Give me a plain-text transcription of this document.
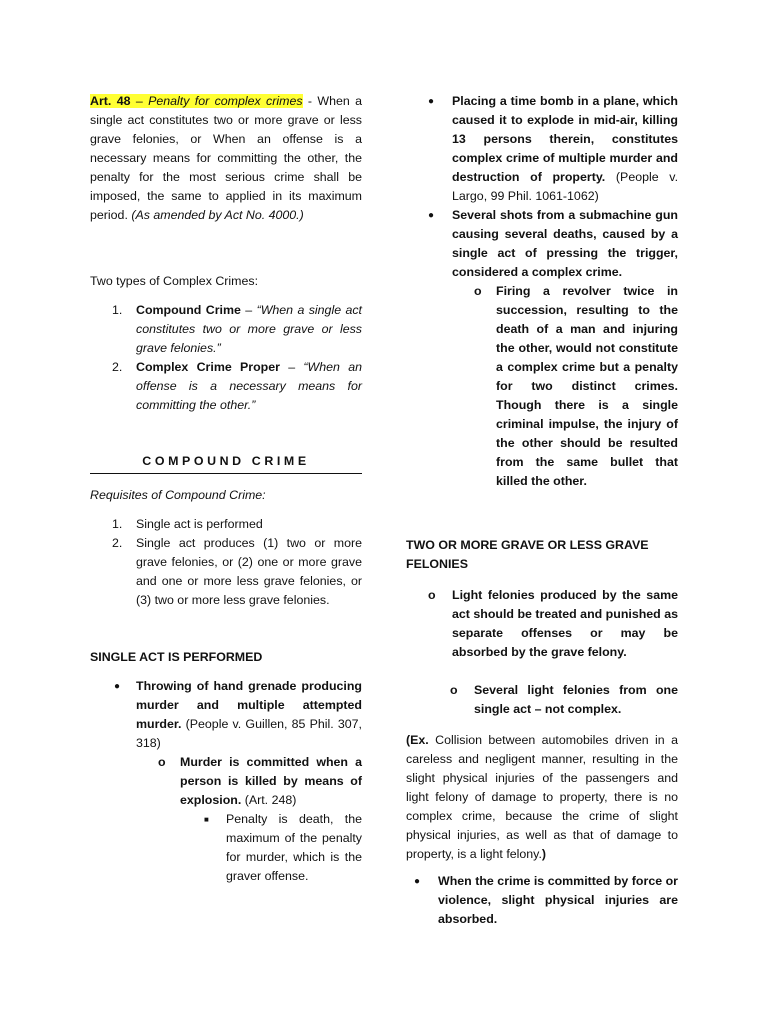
Art. 48 – Penalty for complex crimes - When a single act constitutes two or more grave or less grave felonies, or When an offense is a necessary means for committing the other, the penalty for the most serious crime shall be imposed, the same to applied in its maximum period. (As amended by Act No. 4000.)

Two types of Complex Crimes:

1. Compound Crime – “When a single act constitutes two or more grave or less grave felonies.”
2. Complex Crime Proper – “When an offense is a necessary means for committing the other.”

COMPOUND CRIME

Requisites of Compound Crime:

1. Single act is performed
2. Single act produces (1) two or more grave felonies, or (2) one or more grave and one or more less grave felonies, or (3) two or more less grave felonies.

SINGLE ACT IS PERFORMED

● Throwing of hand grenade producing murder and multiple attempted murder. (People v. Guillen, 85 Phil. 307, 318)
o Murder is committed when a person is killed by means of explosion. (Art. 248)
■ Penalty is death, the maximum of the penalty for murder, which is the graver offense.
● Placing a time bomb in a plane, which caused it to explode in mid-air, killing 13 persons therein, constitutes complex crime of multiple murder and destruction of property. (People v. Largo, 99 Phil. 1061-1062)
● Several shots from a submachine gun causing several deaths, caused by a single act of pressing the trigger, considered a complex crime.
o Firing a revolver twice in succession, resulting to the death of a man and injuring the other, would not constitute a complex crime but a penalty for two distinct crimes. Though there is a single criminal impulse, the injury of the other should be resulted from the same bullet that killed the other.

TWO OR MORE GRAVE OR LESS GRAVE FELONIES

o Light felonies produced by the same act should be treated and punished as separate offenses or may be absorbed by the grave felony.
o Several light felonies from one single act – not complex.

(Ex. Collision between automobiles driven in a careless and negligent manner, resulting in the slight physical injuries of the passengers and light felony of damage to property, there is no complex crime, because the crime of slight physical injuries, as well as that of damage to property, is a light felony.)

● When the crime is committed by force or violence, slight physical injuries are absorbed.
